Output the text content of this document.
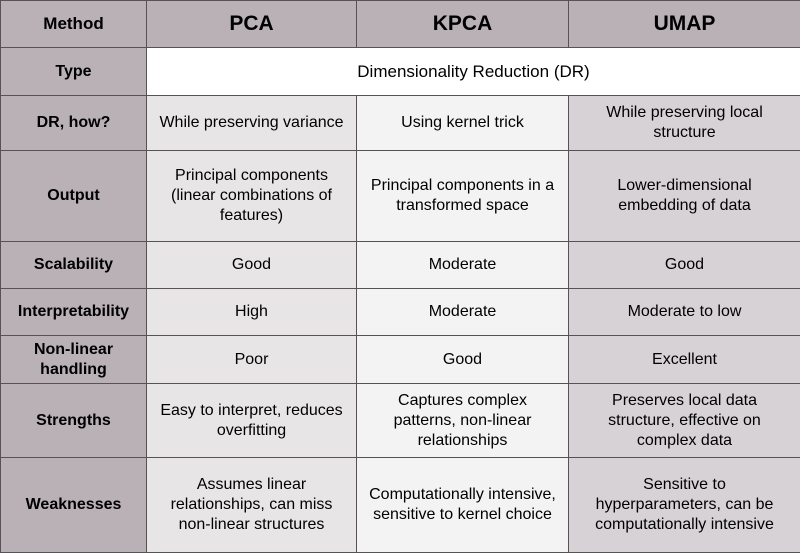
Method	PCA	KPCA	UMAP
Type	Dimensionality Reduction (DR)		
DR, how?	While preserving variance	Using kernel trick	While preserving local
structure
Output	Principal components
(linear combinations of
features)	Principal components in a
transformed space	Lower-dimensional
embedding of data
Scalability	Good	Moderate	Good
Interpretability	High	Moderate	Moderate to low
Non-linear
handling	Poor	Good	Excellent
Strengths	Easy to interpret, reduces
overfitting	Captures complex
patterns, non-linear
relationships	Preserves local data
structure, effective on
complex data
Weaknesses	Assumes linear
relationships, can miss
non-linear structures	Computationally intensive,
sensitive to kernel choice	Sensitive to
hyperparameters, can be
computationally intensive
